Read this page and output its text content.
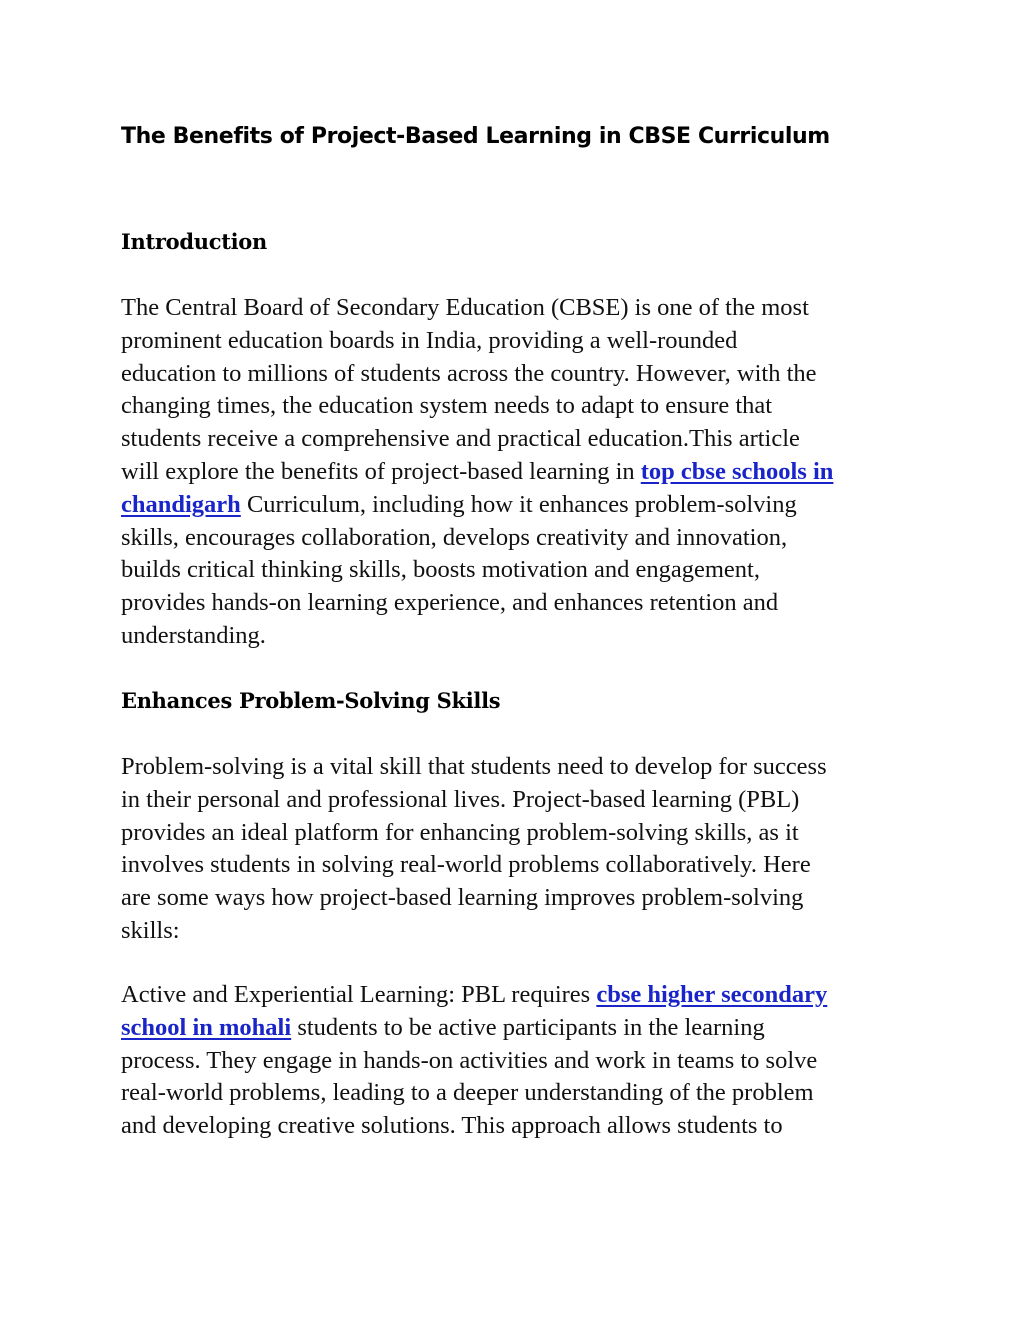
The Benefits of Project-Based Learning in CBSE Curriculum
Introduction

The Central Board of Secondary Education (CBSE) is one of the most
prominent education boards in India, providing a well-rounded
education to millions of students across the country. However, with the
changing times, the education system needs to adapt to ensure that
students receive a comprehensive and practical education.This article
will explore the benefits of project-based learning in top cbse schools in
chandigarh Curriculum, including how it enhances problem-solving
skills, encourages collaboration, develops creativity and innovation,
builds critical thinking skills, boosts motivation and engagement,
provides hands-on learning experience, and enhances retention and
understanding.

Enhances Problem-Solving Skills

Problem-solving is a vital skill that students need to develop for success
in their personal and professional lives. Project-based learning (PBL)
provides an ideal platform for enhancing problem-solving skills, as it
involves students in solving real-world problems collaboratively. Here
are some ways how project-based learning improves problem-solving
skills:

Active and Experiential Learning: PBL requires cbse higher secondary
school in mohali students to be active participants in the learning
process. They engage in hands-on activities and work in teams to solve
real-world problems, leading to a deeper understanding of the problem
and developing creative solutions. This approach allows students to
